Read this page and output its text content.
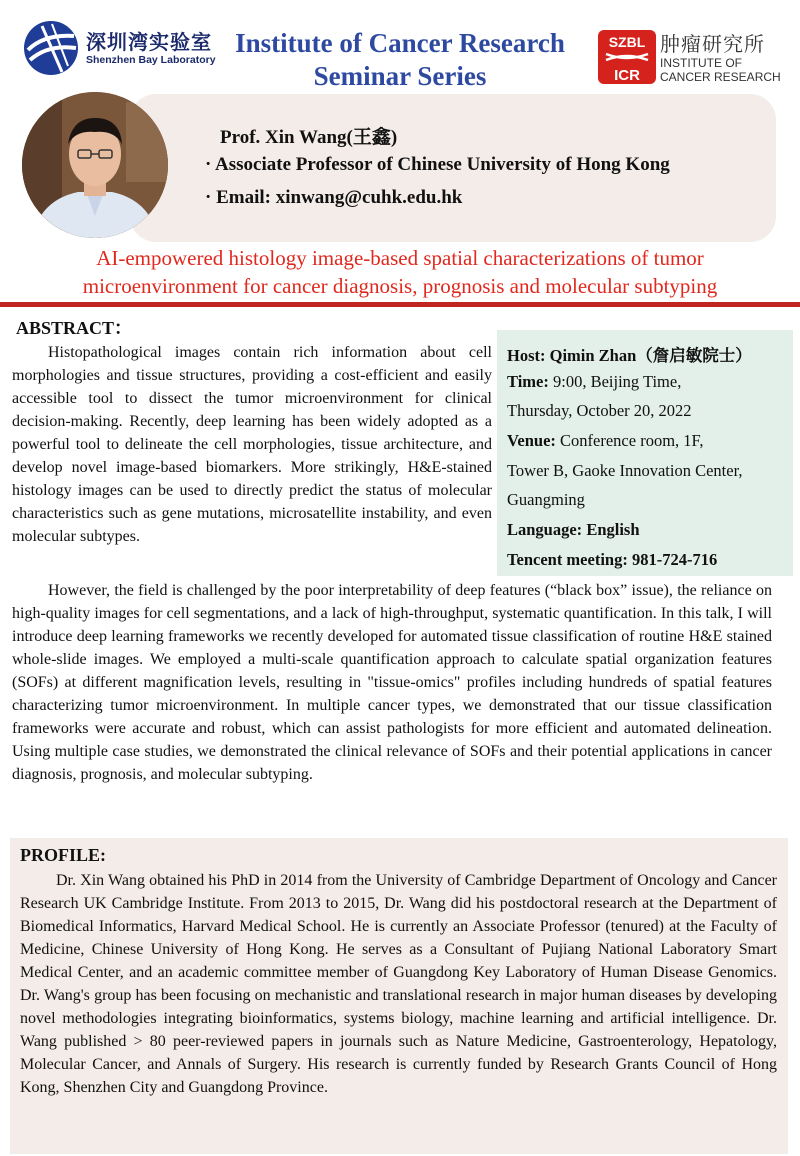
深圳湾实验室
Shenzhen Bay Laboratory
Institute of Cancer Research
Seminar Series
SZBL
ICR
肿瘤研究所
INSTITUTE OF
CANCER RESEARCH
Prof. Xin Wang(王鑫)
· Associate Professor of Chinese University of Hong Kong
· Email: xinwang@cuhk.edu.hk
AI-empowered histology image-based spatial characterizations of tumor
microenvironment for cancer diagnosis, prognosis and molecular subtyping
ABSTRACT：

Histopathological images contain rich information about cell morphologies and tissue structures, providing a cost-efficient and easily accessible tool to dissect the tumor microenvironment for clinical decision-making. Recently, deep learning has been widely adopted as a powerful tool to delineate the cell morphologies, tissue architecture, and develop novel image-based biomarkers. More strikingly, H&E-stained histology images can be used to directly predict the status of molecular characteristics such as gene mutations, microsatellite instability, and even molecular subtypes.

Host: Qimin Zhan（詹启敏院士）
Time: 9:00, Beijing Time,
Thursday, October 20, 2022
Venue: Conference room, 1F,
Tower B, Gaoke Innovation Center,
Guangming
Language: English
Tencent meeting: 981-724-716

However, the field is challenged by the poor interpretability of deep features (“black box” issue), the reliance on high-quality images for cell segmentations, and a lack of high-throughput, systematic quantification. In this talk, I will introduce deep learning frameworks we recently developed for automated tissue classification of routine H&E stained whole-slide images. We employed a multi-scale quantification approach to calculate spatial organization features (SOFs) at different magnification levels, resulting in "tissue-omics" profiles including hundreds of spatial features characterizing tumor microenvironment. In multiple cancer types, we demonstrated that our tissue classification frameworks were accurate and robust, which can assist pathologists for more efficient and automated delineation. Using multiple case studies, we demonstrated the clinical relevance of SOFs and their potential applications in cancer diagnosis, prognosis, and molecular subtyping.

PROFILE:

Dr. Xin Wang obtained his PhD in 2014 from the University of Cambridge Department of Oncology and Cancer Research UK Cambridge Institute. From 2013 to 2015, Dr. Wang did his postdoctoral research at the Department of Biomedical Informatics, Harvard Medical School. He is currently an Associate Professor (tenured) at the Faculty of Medicine, Chinese University of Hong Kong. He serves as a Consultant of Pujiang National Laboratory Smart Medical Center, and an academic committee member of Guangdong Key Laboratory of Human Disease Genomics. Dr. Wang's group has been focusing on mechanistic and translational research in major human diseases by developing novel methodologies integrating bioinformatics, systems biology, machine learning and artificial intelligence. Dr. Wang published > 80 peer-reviewed papers in journals such as Nature Medicine, Gastroenterology, Hepatology, Molecular Cancer, and Annals of Surgery. His research is currently funded by Research Grants Council of Hong Kong, Shenzhen City and Guangdong Province.
